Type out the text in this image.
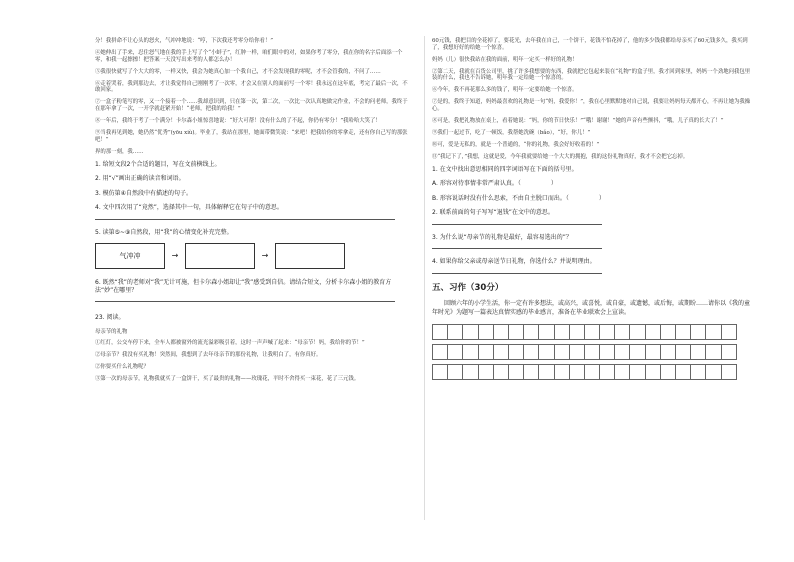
分！我拼命不让心头的怒火，气冲冲地说：“哼，下次我还考零分给你看！”

④她伸出了手来，忍住怒气地在我的手上写了个“小蚌子”，红肿一样，咱们眼中的对，如果你考了零分，我在你的名字后面添一个零，和我一起擦擦！把答案一天没写出来考的人都怎么办！

⑤我很快就写了个大大的零，一样又快，我会为她真心加一个我自己，才不会发现我的零呢，才不会管我的，不问了……

⑥走着哭着，我到那边去，才让我觉得自己刚刚考了一次零，才会又在别人的面前写一个零！我永远在这年底，考完了最后一次，不敢回家。

⑦一盒子粉笔写的零，又一个接着一个……我却意识到，只在第一次，第二次，一次比一次认真地做完作业，不会的问老师，我终于在那年拿了一次，一开学就赶紧开始！“老师，把我的给我！”

⑧一年后，我终于考了一个满分！卡尔森小姐惊喜地说：“好大可帮！没有什么的了不起，你仍有零分！”我哈哈大笑了！

⑨当我再见到她，她仍然“优秀”(yōu xiù)。毕业了，我站在那里，她面带微笑说：“来吧！把我给你的零拿走，还有你自己写的那张吧！”

界的那一刻，我……

1. 给短文段2个合适的题目，写在文前横线上。

2. 用“√”画出正确的读音和词语。

3. 模仿第④自然段中有描述的句子。

4. 文中四次用了“竟然”，选择其中一句，具体解释它在句子中的意思。

5. 读第⑤~⑨自然段，用“我”的心情变化补充完整。

气冲冲	→	→

6. 既然“我”的老师对“我”无计可施，但卡尔森小姐却让“我”感受到自信。请结合短文，分析卡尔森小姐的教育方法“妙”在哪里？

23. 阅读。

母亲节的礼物

①红灯，公交车停下来，全车人都被窗外的流光溢彩吸引着，这时一声声喊了起来：“母亲节！妈，我给你的节！”

②母亲节？我没有买礼物！突然间，我想到了去年母亲节的那份礼物，让我明白了，有你真好。

②你要买什么礼物呢？

③第一次的母亲节，礼物我就买了一盒饼干，买了最贵的礼物——玫瑰花，平时不舍得买一束花，花了三元钱。

60元钱，我把目的全花掉了，要花光，去年我在自己，一个饼干，花钱不怕花掉了，他的多少钱我都给母亲买了60元钱多久，我买到了，我想好好的给她一个惊喜。

妈妈（儿）很快我站在我的面前，明年一定买一样好的礼物！

②第二天，我就在百货公司里，挑了许多我想要的东西，我就把它包起来装在“礼物”的盒子里，我才回到家里，妈妈一个劲地问我包里装的什么，我也不告诉她，明年我一定给她一个惊喜的。

⑥今年，我不再花那么多的钱了，明年一定要给她一个惊喜。

⑦是的，我终于知道，妈妈最喜欢的礼物是一句“妈，我爱你！”，我在心里默默地对自己说，我要让妈妈每天都开心，不再让她为我操心。

⑧可是，我把礼物放在桌上，看着她说：“妈，你的节日快乐！”“哦！谢谢！”她的声音有些颤抖，“哦，儿子真的长大了！”

⑨我们一起过节，吃了一顿饭，我帮她洗碗（bǎo），“好，你儿！”

⑩可，爱是无私的，就是一个普通的，“你的礼物，我会好好收着的！”

⑪“我记下了，”我想，这就是爱，今年我就要给她一个大大的拥抱，我的这份礼物真好，我才不会把它忘掉。

1. 在文中找出意思相同的四字词语写在下面的括号里。

A. 形容对待事情非常严肃认真。（　　　　　）

B. 形容说话时没有什么思索，不由自主脱口而出。（　　　　　）

2. 联系前面的句子写写“退钱”在文中的意思。

3. 为什么说“母亲节的礼物是最好，最容易选出的”？

4. 如果你给父亲或母亲送节日礼物，你选什么？并说明理由。

五、习作（30分）

回顾六年的小学生活，你一定有许多想法，或高兴，或喜悦，或自豪，或遗憾，或后悔，或期盼……请你以《我的童年时光》为题写一篇表达真情实感的毕业感言，准备在毕业联欢会上宣读。
